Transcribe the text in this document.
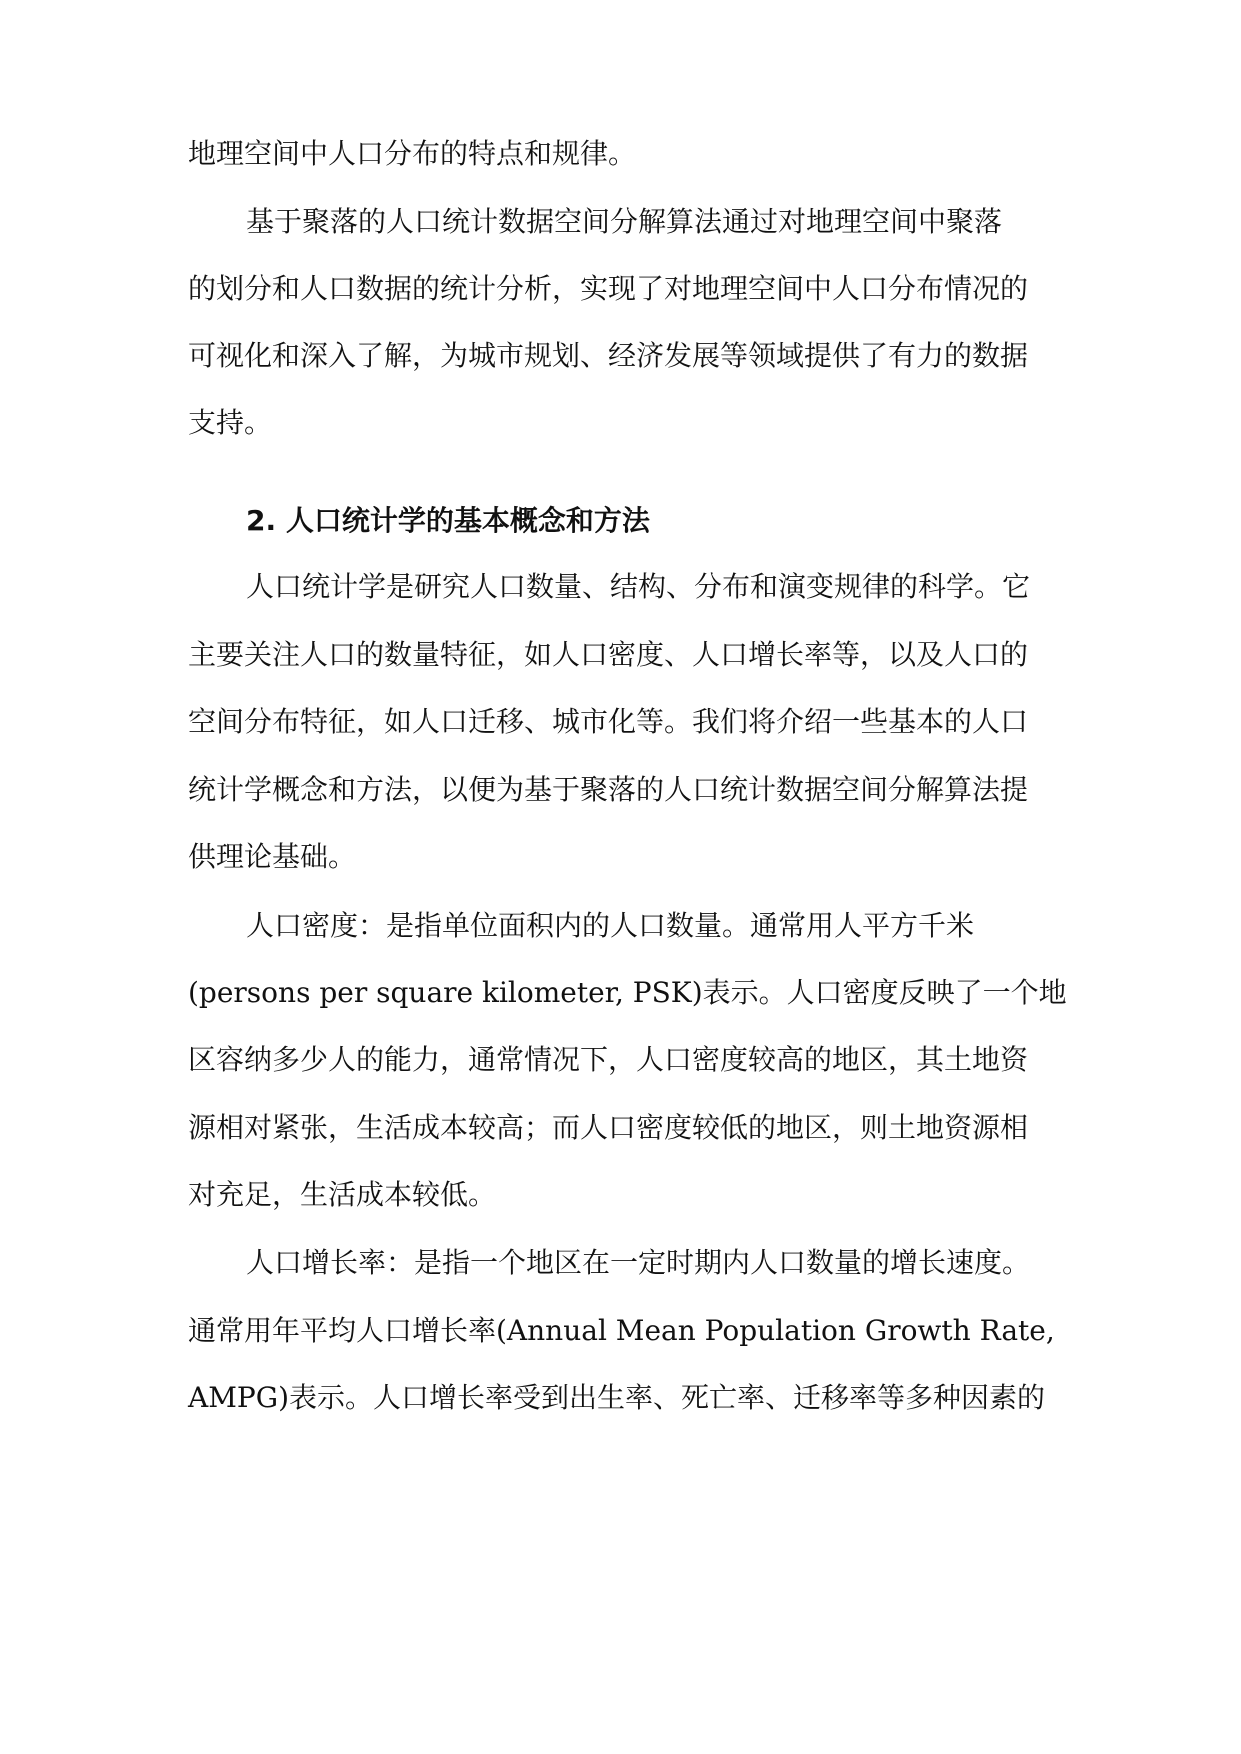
地理空间中人口分布的特点和规律。
基于聚落的人口统计数据空间分解算法通过对地理空间中聚落
的划分和人口数据的统计分析，实现了对地理空间中人口分布情况的
可视化和深入了解，为城市规划、经济发展等领域提供了有力的数据
支持。
2. 人口统计学的基本概念和方法
人口统计学是研究人口数量、结构、分布和演变规律的科学。它
主要关注人口的数量特征，如人口密度、人口增长率等，以及人口的
空间分布特征，如人口迁移、城市化等。我们将介绍一些基本的人口
统计学概念和方法，以便为基于聚落的人口统计数据空间分解算法提
供理论基础。
人口密度：是指单位面积内的人口数量。通常用人平方千米
(persons per square kilometer, PSK)表示。人口密度反映了一个地
区容纳多少人的能力，通常情况下，人口密度较高的地区，其土地资
源相对紧张，生活成本较高；而人口密度较低的地区，则土地资源相
对充足，生活成本较低。
人口增长率：是指一个地区在一定时期内人口数量的增长速度。
通常用年平均人口增长率(Annual Mean Population Growth Rate,
AMPG)表示。人口增长率受到出生率、死亡率、迁移率等多种因素的
